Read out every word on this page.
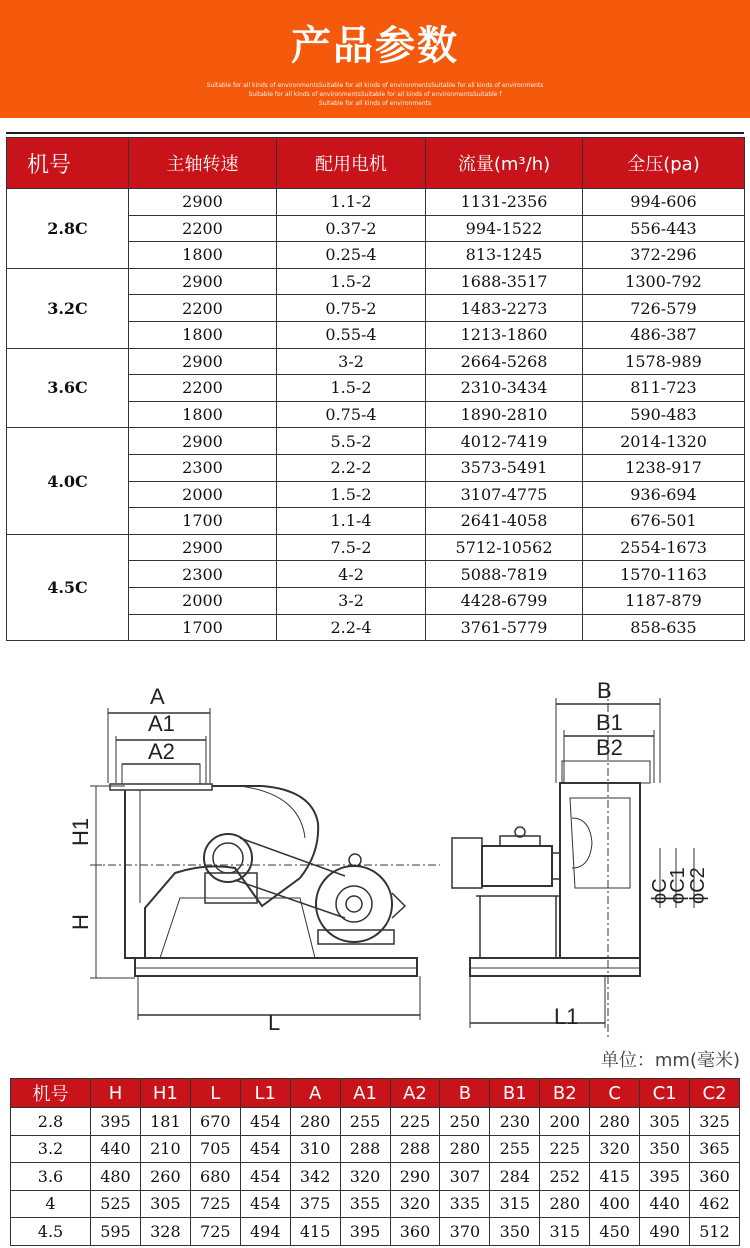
产品参数
Suitable for all kinds of environmentsSuitable for all kinds of environmentsSuitable for all kinds of environments
Suitable for all kinds of environmentsSuitable for all kinds of environmentsSuitable f
Suitable for all kinds of environments
机号	主轴转速	配用电机	流量(m³/h)	全压(pa)
2.8C	2900	1.1-2	1131-2356	994-606
	2200	0.37-2	994-1522	556-443
	1800	0.25-4	813-1245	372-296
3.2C	2900	1.5-2	1688-3517	1300-792
	2200	0.75-2	1483-2273	726-579
	1800	0.55-4	1213-1860	486-387
3.6C	2900	3-2	2664-5268	1578-989
	2200	1.5-2	2310-3434	811-723
	1800	0.75-4	1890-2810	590-483
4.0C	2900	5.5-2	4012-7419	2014-1320
	2300	2.2-2	3573-5491	1238-917
	2000	1.5-2	3107-4775	936-694
	1700	1.1-4	2641-4058	676-501
4.5C	2900	7.5-2	5712-10562	2554-1673
	2300	4-2	5088-7819	1570-1163
	2000	3-2	4428-6799	1187-879
	1700	2.2-4	3761-5779	858-635
A
A1
A2
L
H1
H
B
B1
B2
L1
ϕC
ϕC1
ϕC2
单位：mm(毫米)
机号	H	H1	L	L1	A	A1	A2	B	B1	B2	C	C1	C2
2.8	395	181	670	454	280	255	225	250	230	200	280	305	325
3.2	440	210	705	454	310	288	288	280	255	225	320	350	365
3.6	480	260	680	454	342	320	290	307	284	252	415	395	360
4	525	305	725	454	375	355	320	335	315	280	400	440	462
4.5	595	328	725	494	415	395	360	370	350	315	450	490	512
